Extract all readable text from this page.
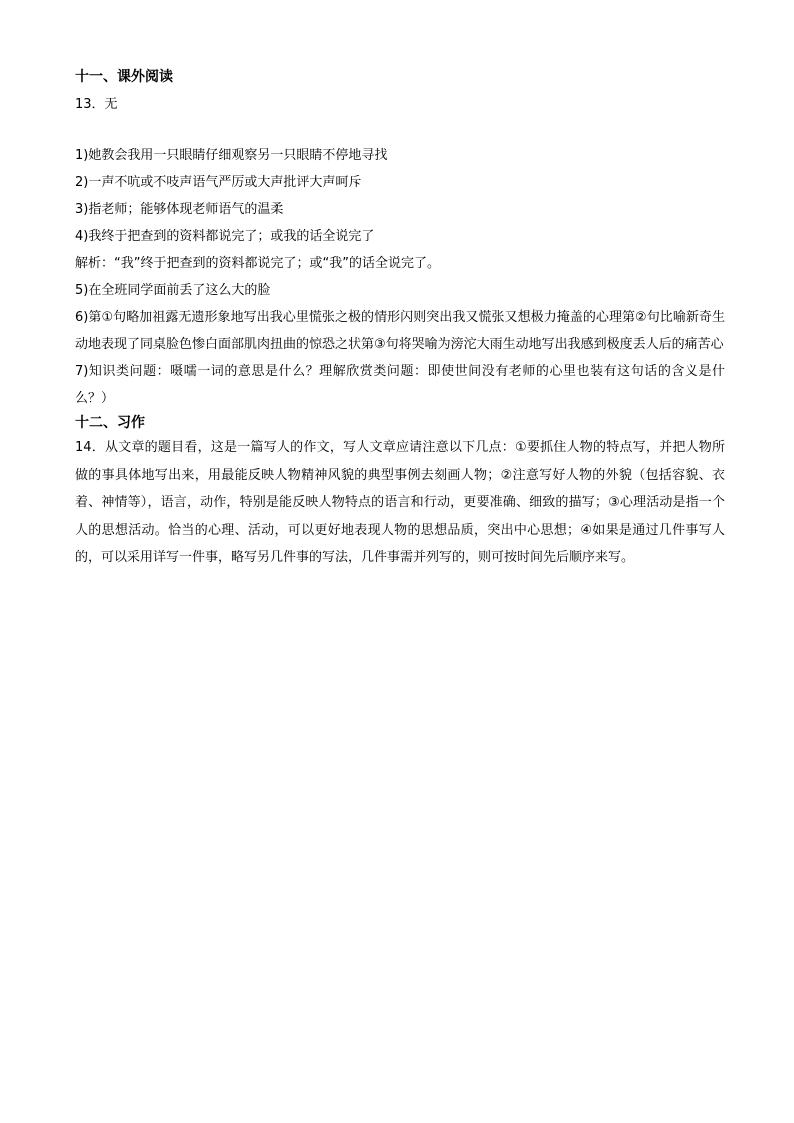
十一、课外阅读

13．无

1)她教会我用一只眼睛仔细观察另一只眼睛不停地寻找

2)一声不吭或不吱声语气严厉或大声批评大声呵斥

3)指老师；能够体现老师语气的温柔

4)我终于把查到的资料都说完了；或我的话全说完了

解析：“我”终于把查到的资料都说完了；或“我”的话全说完了。

5)在全班同学面前丢了这么大的脸

6)第①句略加祖露无遗形象地写出我心里慌张之极的情形闪则突出我又慌张又想极力掩盖的心理第②句比喻新奇生动地表现了同桌脸色惨白面部肌肉扭曲的惊恐之状第③句将哭喻为滂沱大雨生动地写出我感到极度丢人后的痛苦心

7)知识类问题：嗫嚅一词的意思是什么？理解欣赏类问题：即使世间没有老师的心里也装有这句话的含义是什么？）

十二、习作

14．从文章的题目看，这是一篇写人的作文，写人文章应请注意以下几点：①要抓住人物的特点写，并把人物所做的事具体地写出来，用最能反映人物精神风貌的典型事例去刻画人物；②注意写好人物的外貌（包括容貌、衣着、神情等），语言，动作，特别是能反映人物特点的语言和行动，更要准确、细致的描写；③心理活动是指一个人的思想活动。恰当的心理、活动，可以更好地表现人物的思想品质，突出中心思想；④如果是通过几件事写人的，可以采用详写一件事，略写另几件事的写法，几件事需并列写的，则可按时间先后顺序来写。
